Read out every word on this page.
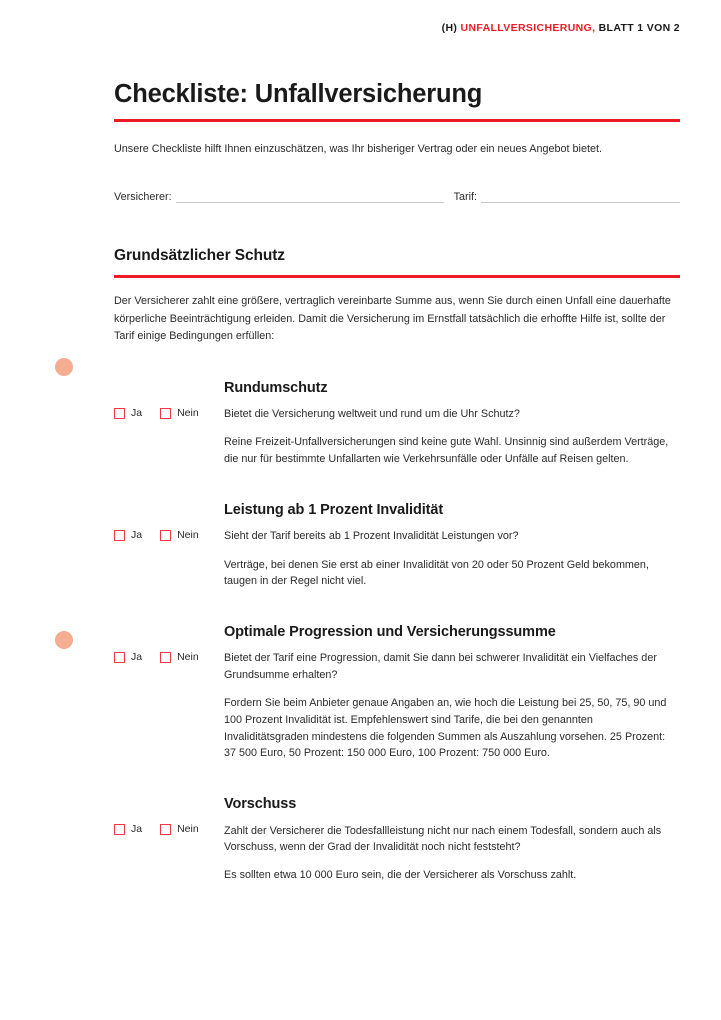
(H) UNFALLVERSICHERUNG, BLATT 1 VON 2
Checkliste: Unfallversicherung

Unsere Checkliste hilft Ihnen einzuschätzen, was Ihr bisheriger Vertrag oder ein neues Angebot bietet.

Versicherer:	Tarif:
Grundsätzlicher Schutz

Der Versicherer zahlt eine größere, vertraglich vereinbarte Summe aus, wenn Sie durch einen Unfall eine dauerhafte körperliche Beeinträchtigung erleiden. Damit die Versicherung im Ernstfall tatsächlich die erhoffte Hilfe ist, sollte der Tarif einige Bedingungen erfüllen:

Rundumschutz
Ja	Nein Bietet die Versicherung weltweit und rund um die Uhr Schutz?

Reine Freizeit-Unfallversicherungen sind keine gute Wahl. Unsinnig sind außerdem Verträge, die nur für bestimmte Unfallarten wie Verkehrsunfälle oder Unfälle auf Reisen gelten.

Leistung ab 1 Prozent Invalidität
Ja	Nein Sieht der Tarif bereits ab 1 Prozent Invalidität Leistungen vor?

Verträge, bei denen Sie erst ab einer Invalidität von 20 oder 50 Prozent Geld bekommen, taugen in der Regel nicht viel.

Optimale Progression und Versicherungssumme
Ja	Nein Bietet der Tarif eine Progression, damit Sie dann bei schwerer Invalidität ein Vielfaches der Grundsumme erhalten?

Fordern Sie beim Anbieter genaue Angaben an, wie hoch die Leistung bei 25, 50, 75, 90 und 100 Prozent Invalidität ist. Empfehlenswert sind Tarife, die bei den genannten Invaliditätsgraden mindestens die folgenden Summen als Auszahlung vorsehen. 25 Prozent: 37 500 Euro, 50 Prozent: 150 000 Euro, 100 Prozent: 750 000 Euro.

Vorschuss
Ja	Nein Zahlt der Versicherer die Todesfallleistung nicht nur nach einem Todesfall, sondern auch als Vorschuss, wenn der Grad der Invalidität noch nicht feststeht?

Es sollten etwa 10 000 Euro sein, die der Versicherer als Vorschuss zahlt.
